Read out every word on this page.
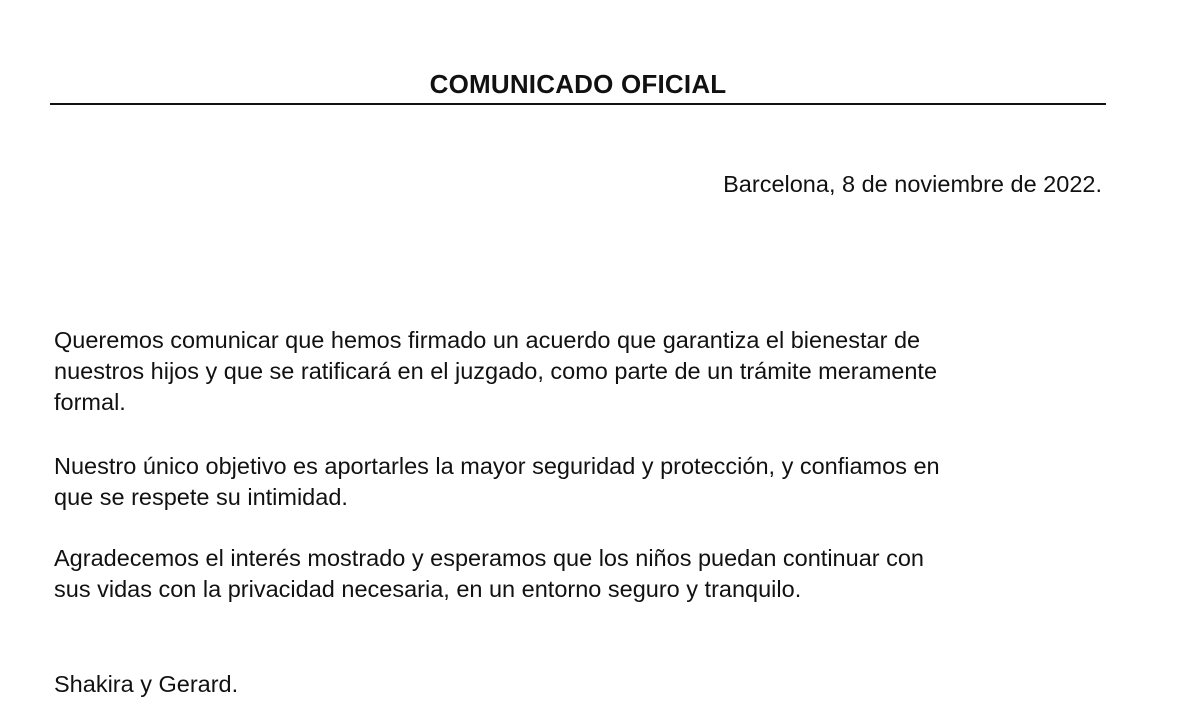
COMUNICADO OFICIAL
Barcelona, 8 de noviembre de 2022.
Queremos comunicar que hemos firmado un acuerdo que garantiza el bienestar de
nuestros hijos y que se ratificará en el juzgado, como parte de un trámite meramente
formal.
Nuestro único objetivo es aportarles la mayor seguridad y protección, y confiamos en
que se respete su intimidad.
Agradecemos el interés mostrado y esperamos que los niños puedan continuar con
sus vidas con la privacidad necesaria, en un entorno seguro y tranquilo.
Shakira y Gerard.
